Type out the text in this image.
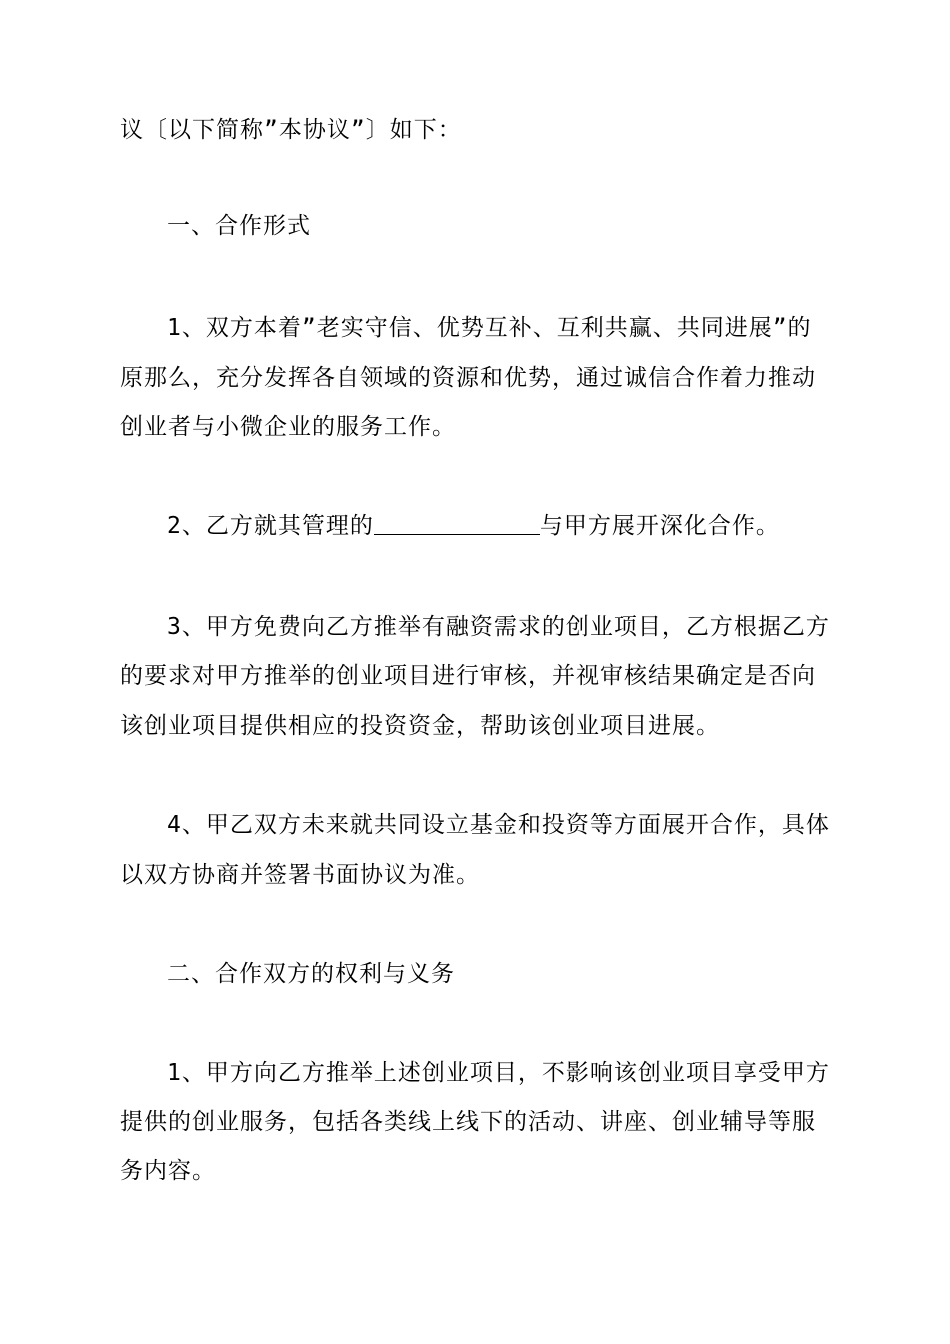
议〔以下简称”本协议”〕如下：
一、合作形式
1、双方本着”老实守信、优势互补、互利共赢、共同进展”的
原那么，充分发挥各自领域的资源和优势，通过诚信合作着力推动
创业者与小微企业的服务工作。
2、乙方就其管理的	与甲方展开深化合作。
3、甲方免费向乙方推举有融资需求的创业项目，乙方根据乙方
的要求对甲方推举的创业项目进行审核，并视审核结果确定是否向
该创业项目提供相应的投资资金，帮助该创业项目进展。
4、甲乙双方未来就共同设立基金和投资等方面展开合作，具体
以双方协商并签署书面协议为准。
二、合作双方的权利与义务
1、甲方向乙方推举上述创业项目，不影响该创业项目享受甲方
提供的创业服务，包括各类线上线下的活动、讲座、创业辅导等服
务内容。
